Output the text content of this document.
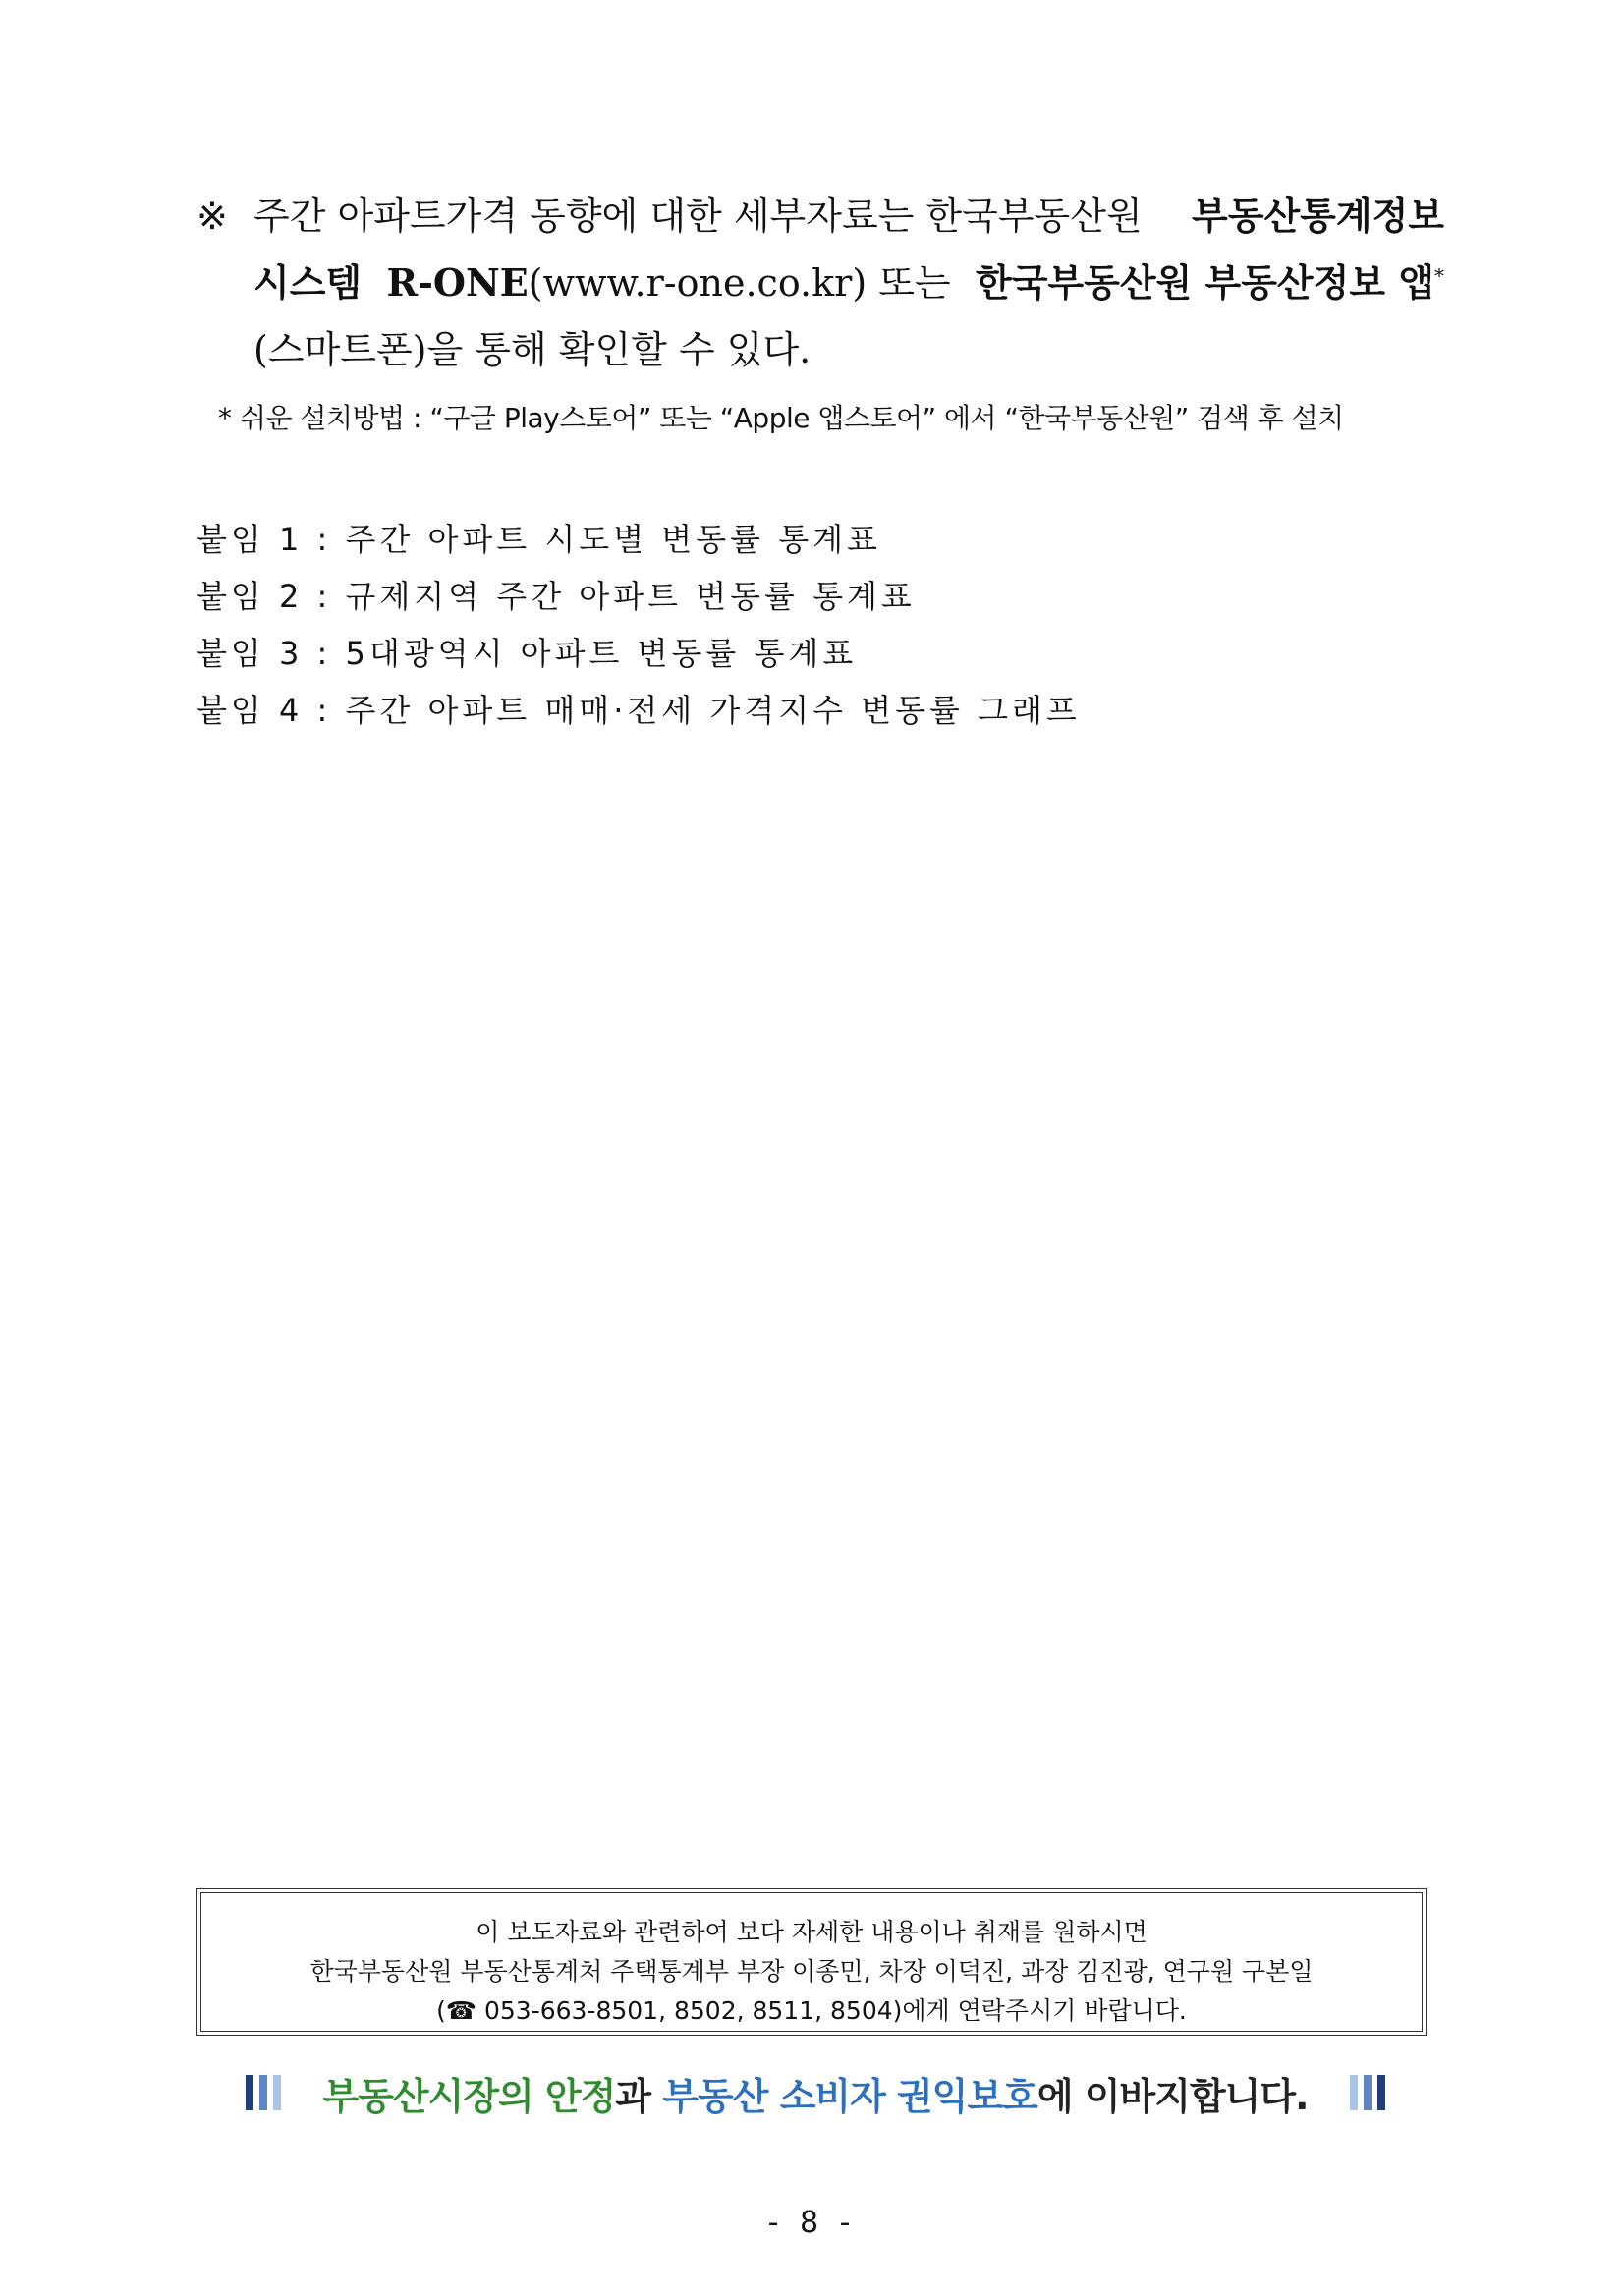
※ 주간 아파트가격 동향에 대한 세부자료는 한국부동산원 부동산통계정보
시스템 R-ONE(www.r-one.co.kr) 또는 한국부동산원 부동산정보 앱*
(스마트폰)을 통해 확인할 수 있다.
* 쉬운 설치방법 : “구글 Play스토어” 또는 “Apple 앱스토어” 에서 “한국부동산원” 검색 후 설치
붙임 1 : 주간 아파트 시도별 변동률 통계표
붙임 2 : 규제지역 주간 아파트 변동률 통계표
붙임 3 : 5대광역시 아파트 변동률 통계표
붙임 4 : 주간 아파트 매매·전세 가격지수 변동률 그래프
이 보도자료와 관련하여 보다 자세한 내용이나 취재를 원하시면
한국부동산원 부동산통계처 주택통계부 부장 이종민, 차장 이덕진, 과장 김진광, 연구원 구본일
(☎ 053-663-8501, 8502, 8511, 8504)에게 연락주시기 바랍니다.
부동산시장의 안정과 부동산 소비자 권익보호에 이바지합니다.
- 8 -
